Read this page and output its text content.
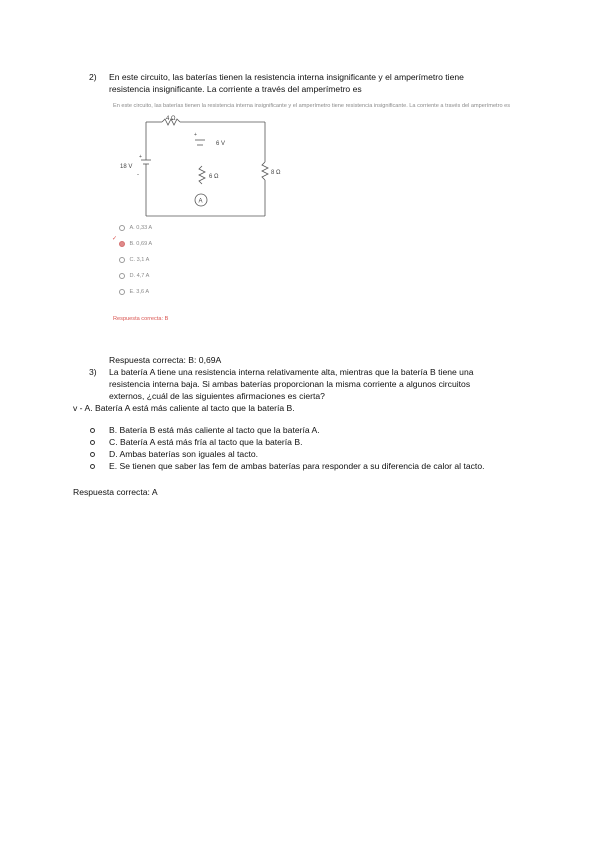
2) En este circuito, las baterías tienen la resistencia interna insignificante y el amperímetro tiene
resistencia insignificante. La corriente a través del amperímetro es
En este circuito, las baterías tienen la resistencia interna insignificante y el amperímetro tiene resistencia insignificante. La corriente a través del amperímetro es
4 Ω
18 V
+
-
+
6 V
6 Ω
8 Ω
A
A. 0,33 A
✓
B. 0,69 A
C. 3,1 A
D. 4,7 A
E. 3,6 A
Respuesta correcta: B
Respuesta correcta: B: 0,69A
3) La batería A tiene una resistencia interna relativamente alta, mientras que la batería B tiene una
resistencia interna baja. Si ambas baterías proporcionan la misma corriente a algunos circuitos
externos, ¿cuál de las siguientes afirmaciones es cierta?
v - A. Batería A está más caliente al tacto que la batería B.
B. Batería B está más caliente al tacto que la batería A.
C. Batería A está más fría al tacto que la batería B.
D. Ambas baterías son iguales al tacto.
E. Se tienen que saber las fem de ambas baterías para responder a su diferencia de calor al tacto.
Respuesta correcta: A
